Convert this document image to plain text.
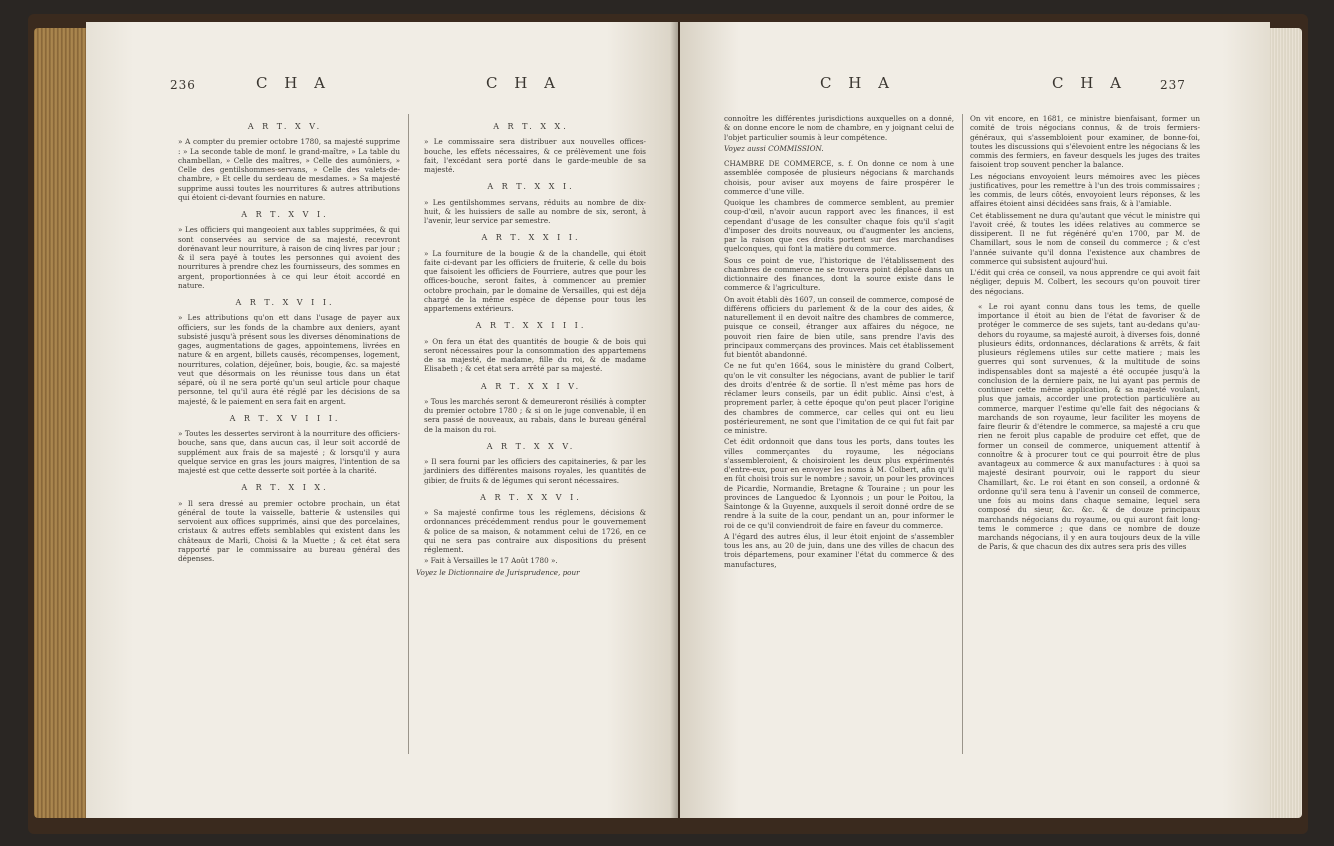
236	C H A	C H A
A R T. X V.

» A compter du premier octobre 1780, sa majesté supprime : » La seconde table de monf. le grand-maître, » La table du chambellan, » Celle des maîtres, » Celle des aumôniers, » Celle des gentilshommes-servans, » Celle des valets-de-chambre, » Et celle du serdeau de mesdames. » Sa majesté supprime aussi toutes les nourritures & autres attributions qui étoient ci-devant fournies en nature.

A R T. X V I.

» Les officiers qui mangeoient aux tables supprimées, & qui sont conservées au service de sa majesté, recevront dorénavant leur nourriture, à raison de cinq livres par jour ; & il sera payé à toutes les personnes qui avoient des nourritures à prendre chez les fournisseurs, des sommes en argent, proportionnées à ce qui leur étoit accordé en nature.

A R T. X V I I.

» Les attributions qu'on ett dans l'usage de payer aux officiers, sur les fonds de la chambre aux deniers, ayant subsisté jusqu'à présent sous les diverses dénominations de gages, augmentations de gages, appointemens, livrées en nature & en argent, billets causés, récompenses, logement, nourritures, colation, déjeûner, bois, bougie, &c. sa majesté veut que désormais on les réunisse tous dans un état séparé, où il ne sera porté qu'un seul article pour chaque personne, tel qu'il aura été réglé par les décisions de sa majesté, & le paiement en sera fait en argent.

A R T. X V I I I.

» Toutes les dessertes serviront à la nourriture des officiers-bouche, sans que, dans aucun cas, il leur soit accordé de supplément aux frais de sa majesté ; & lorsqu'il y aura quelque service en gras les jours maigres, l'intention de sa majesté est que cette desserte soit portée à la charité.

A R T. X I X.

» Il sera dressé au premier octobre prochain, un état général de toute la vaisselle, batterie & ustensiles qui servoient aux offices supprimés, ainsi que des porcelaines, cristaux & autres effets semblables qui existent dans les châteaux de Marli, Choisi & la Muette ; & cet état sera rapporté par le commissaire au bureau général des dépenses.

A R T. X X.

» Le commissaire sera distribuer aux nouvelles offices-bouche, les effets nécessaires, & ce prélèvement une fois fait, l'excédant sera porté dans le garde-meuble de sa majesté.

A R T. X X I.

» Les gentilshommes servans, réduits au nombre de dix-huit, & les huissiers de salle au nombre de six, seront, à l'avenir, leur service par semestre.

A R T. X X I I.

» La fourniture de la bougie & de la chandelle, qui étoit faite ci-devant par les officiers de fruiterie, & celle du bois que faisoient les officiers de Fourriere, autres que pour les offices-bouche, seront faites, à commencer au premier octobre prochain, par le domaine de Versailles, qui est déja chargé de la même espèce de dépense pour tous les appartemens extérieurs.

A R T. X X I I I.

» On fera un état des quantités de bougie & de bois qui seront nécessaires pour la consommation des appartemens de sa majesté, de madame, fille du roi, & de madame Elisabeth ; & cet état sera arrêté par sa majesté.

A R T. X X I V.

» Tous les marchés seront & demeureront résiliés à compter du premier octobre 1780 ; & si on le juge convenable, il en sera passé de nouveaux, au rabais, dans le bureau général de la maison du roi.

A R T. X X V.

» Il sera fourni par les officiers des capitaineries, & par les jardiniers des différentes maisons royales, les quantités de gibier, de fruits & de légumes qui seront nécessaires.

A R T. X X V I.

» Sa majesté confirme tous les réglemens, décisions & ordonnances précédemment rendus pour le gouvernement & police de sa maison, & notamment celui de 1726, en ce qui ne sera pas contraire aux dispositions du présent réglement.

» Fait à Versailles le 17 Août 1780 ».

Voyez le Dictionnaire de Jurisprudence, pour

C H A	C H A	237

connoître les différentes jurisdictions auxquelles on a donné, & on donne encore le nom de chambre, en y joignant celui de l'objet particulier soumis à leur compétence.

Voyez aussi COMMISSION.

CHAMBRE DE COMMERCE, s. f. On donne ce nom à une assemblée composée de plusieurs négocians & marchands choisis, pour aviser aux moyens de faire prospérer le commerce d'une ville.

Quoique les chambres de commerce semblent, au premier coup-d'œil, n'avoir aucun rapport avec les finances, il est cependant d'usage de les consulter chaque fois qu'il s'agit d'imposer des droits nouveaux, ou d'augmenter les anciens, par la raison que ces droits portent sur des marchandises quelconques, qui font la matière du commerce.

Sous ce point de vue, l'historique de l'établissement des chambres de commerce ne se trouvera point déplacé dans un dictionnaire des finances, dont la source existe dans le commerce & l'agriculture.

On avoit établi dès 1607, un conseil de commerce, composé de différens officiers du parlement & de la cour des aides, & naturellement il en devoit naître des chambres de commerce, puisque ce conseil, étranger aux affaires du négoce, ne pouvoit rien faire de bien utile, sans prendre l'avis des principaux commerçans des provinces. Mais cet établissement fut bientôt abandonné.

Ce ne fut qu'en 1664, sous le ministère du grand Colbert, qu'on le vit consulter les négocians, avant de publier le tarif des droits d'entrée & de sortie. Il n'est même pas hors de réclamer leurs conseils, par un édit public. Ainsi c'est, à proprement parler, à cette époque qu'on peut placer l'origine des chambres de commerce, car celles qui ont eu lieu postérieurement, ne sont que l'imitation de ce qui fut fait par ce ministre.

Cet édit ordonnoit que dans tous les ports, dans toutes les villes commerçantes du royaume, les négocians s'assembleroient, & choisiroient les deux plus expérimentés d'entre-eux, pour en envoyer les noms à M. Colbert, afin qu'il en fût choisi trois sur le nombre ; savoir, un pour les provinces de Picardie, Normandie, Bretagne & Touraine ; un pour les provinces de Languedoc & Lyonnois ; un pour le Poitou, la Saintonge & la Guyenne, auxquels il seroit donné ordre de se rendre à la suite de la cour, pendant un an, pour informer le roi de ce qu'il conviendroit de faire en faveur du commerce.

A l'égard des autres élus, il leur étoit enjoint de s'assembler tous les ans, au 20 de juin, dans une des villes de chacun des trois départemens, pour examiner l'état du commerce & des manufactures,

On vit encore, en 1681, ce ministre bienfaisant, former un comité de trois négocians connus, & de trois fermiers-généraux, qui s'assembloient pour examiner, de bonne-foi, toutes les discussions qui s'élevoient entre les négocians & les commis des fermiers, en faveur desquels les juges des traites faisoient trop souvent pencher la balance.

Les négocians envoyoient leurs mémoires avec les pièces justificatives, pour les remettre à l'un des trois commissaires ; les commis, de leurs côtés, envoyoient leurs réponses, & les affaires étoient ainsi décidées sans frais, & à l'amiable.

Cet établissement ne dura qu'autant que vécut le ministre qui l'avoit créé, & toutes les idées relatives au commerce se dissiperent. Il ne fut régénéré qu'en 1700, par M. de Chamillart, sous le nom de conseil du commerce ; & c'est l'année suivante qu'il donna l'existence aux chambres de commerce qui subsistent aujourd'hui.

L'édit qui créa ce conseil, va nous apprendre ce qui avoit fait négliger, depuis M. Colbert, les secours qu'on pouvoit tirer des négocians.

« Le roi ayant connu dans tous les tems, de quelle importance il étoit au bien de l'état de favoriser & de protéger le commerce de ses sujets, tant au-dedans qu'au-dehors du royaume, sa majesté auroit, à diverses fois, donné plusieurs édits, ordonnances, déclarations & arrêts, & fait plusieurs réglemens utiles sur cette matiere ; mais les guerres qui sont survenues, & la multitude de soins indispensables dont sa majesté a été occupée jusqu'à la conclusion de la derniere paix, ne lui ayant pas permis de continuer cette même application, & sa majesté voulant, plus que jamais, accorder une protection particulière au commerce, marquer l'estime qu'elle fait des négocians & marchands de son royaume, leur faciliter les moyens de faire fleurir & d'étendre le commerce, sa majesté a cru que rien ne feroit plus capable de produire cet effet, que de former un conseil de commerce, uniquement attentif à connoître & à procurer tout ce qui pourroit être de plus avantageux au commerce & aux manufactures : à quoi sa majesté desirant pourvoir, oui le rapport du sieur Chamillart, &c. Le roi étant en son conseil, a ordonné & ordonne qu'il sera tenu à l'avenir un conseil de commerce, une fois au moins dans chaque semaine, lequel sera composé du sieur, &c. &c. & de douze principaux marchands négocians du royaume, ou qui auront fait long-tems le commerce ; que dans ce nombre de douze marchands négocians, il y en aura toujours deux de la ville de Paris, & que chacun des dix autres sera pris des villes
